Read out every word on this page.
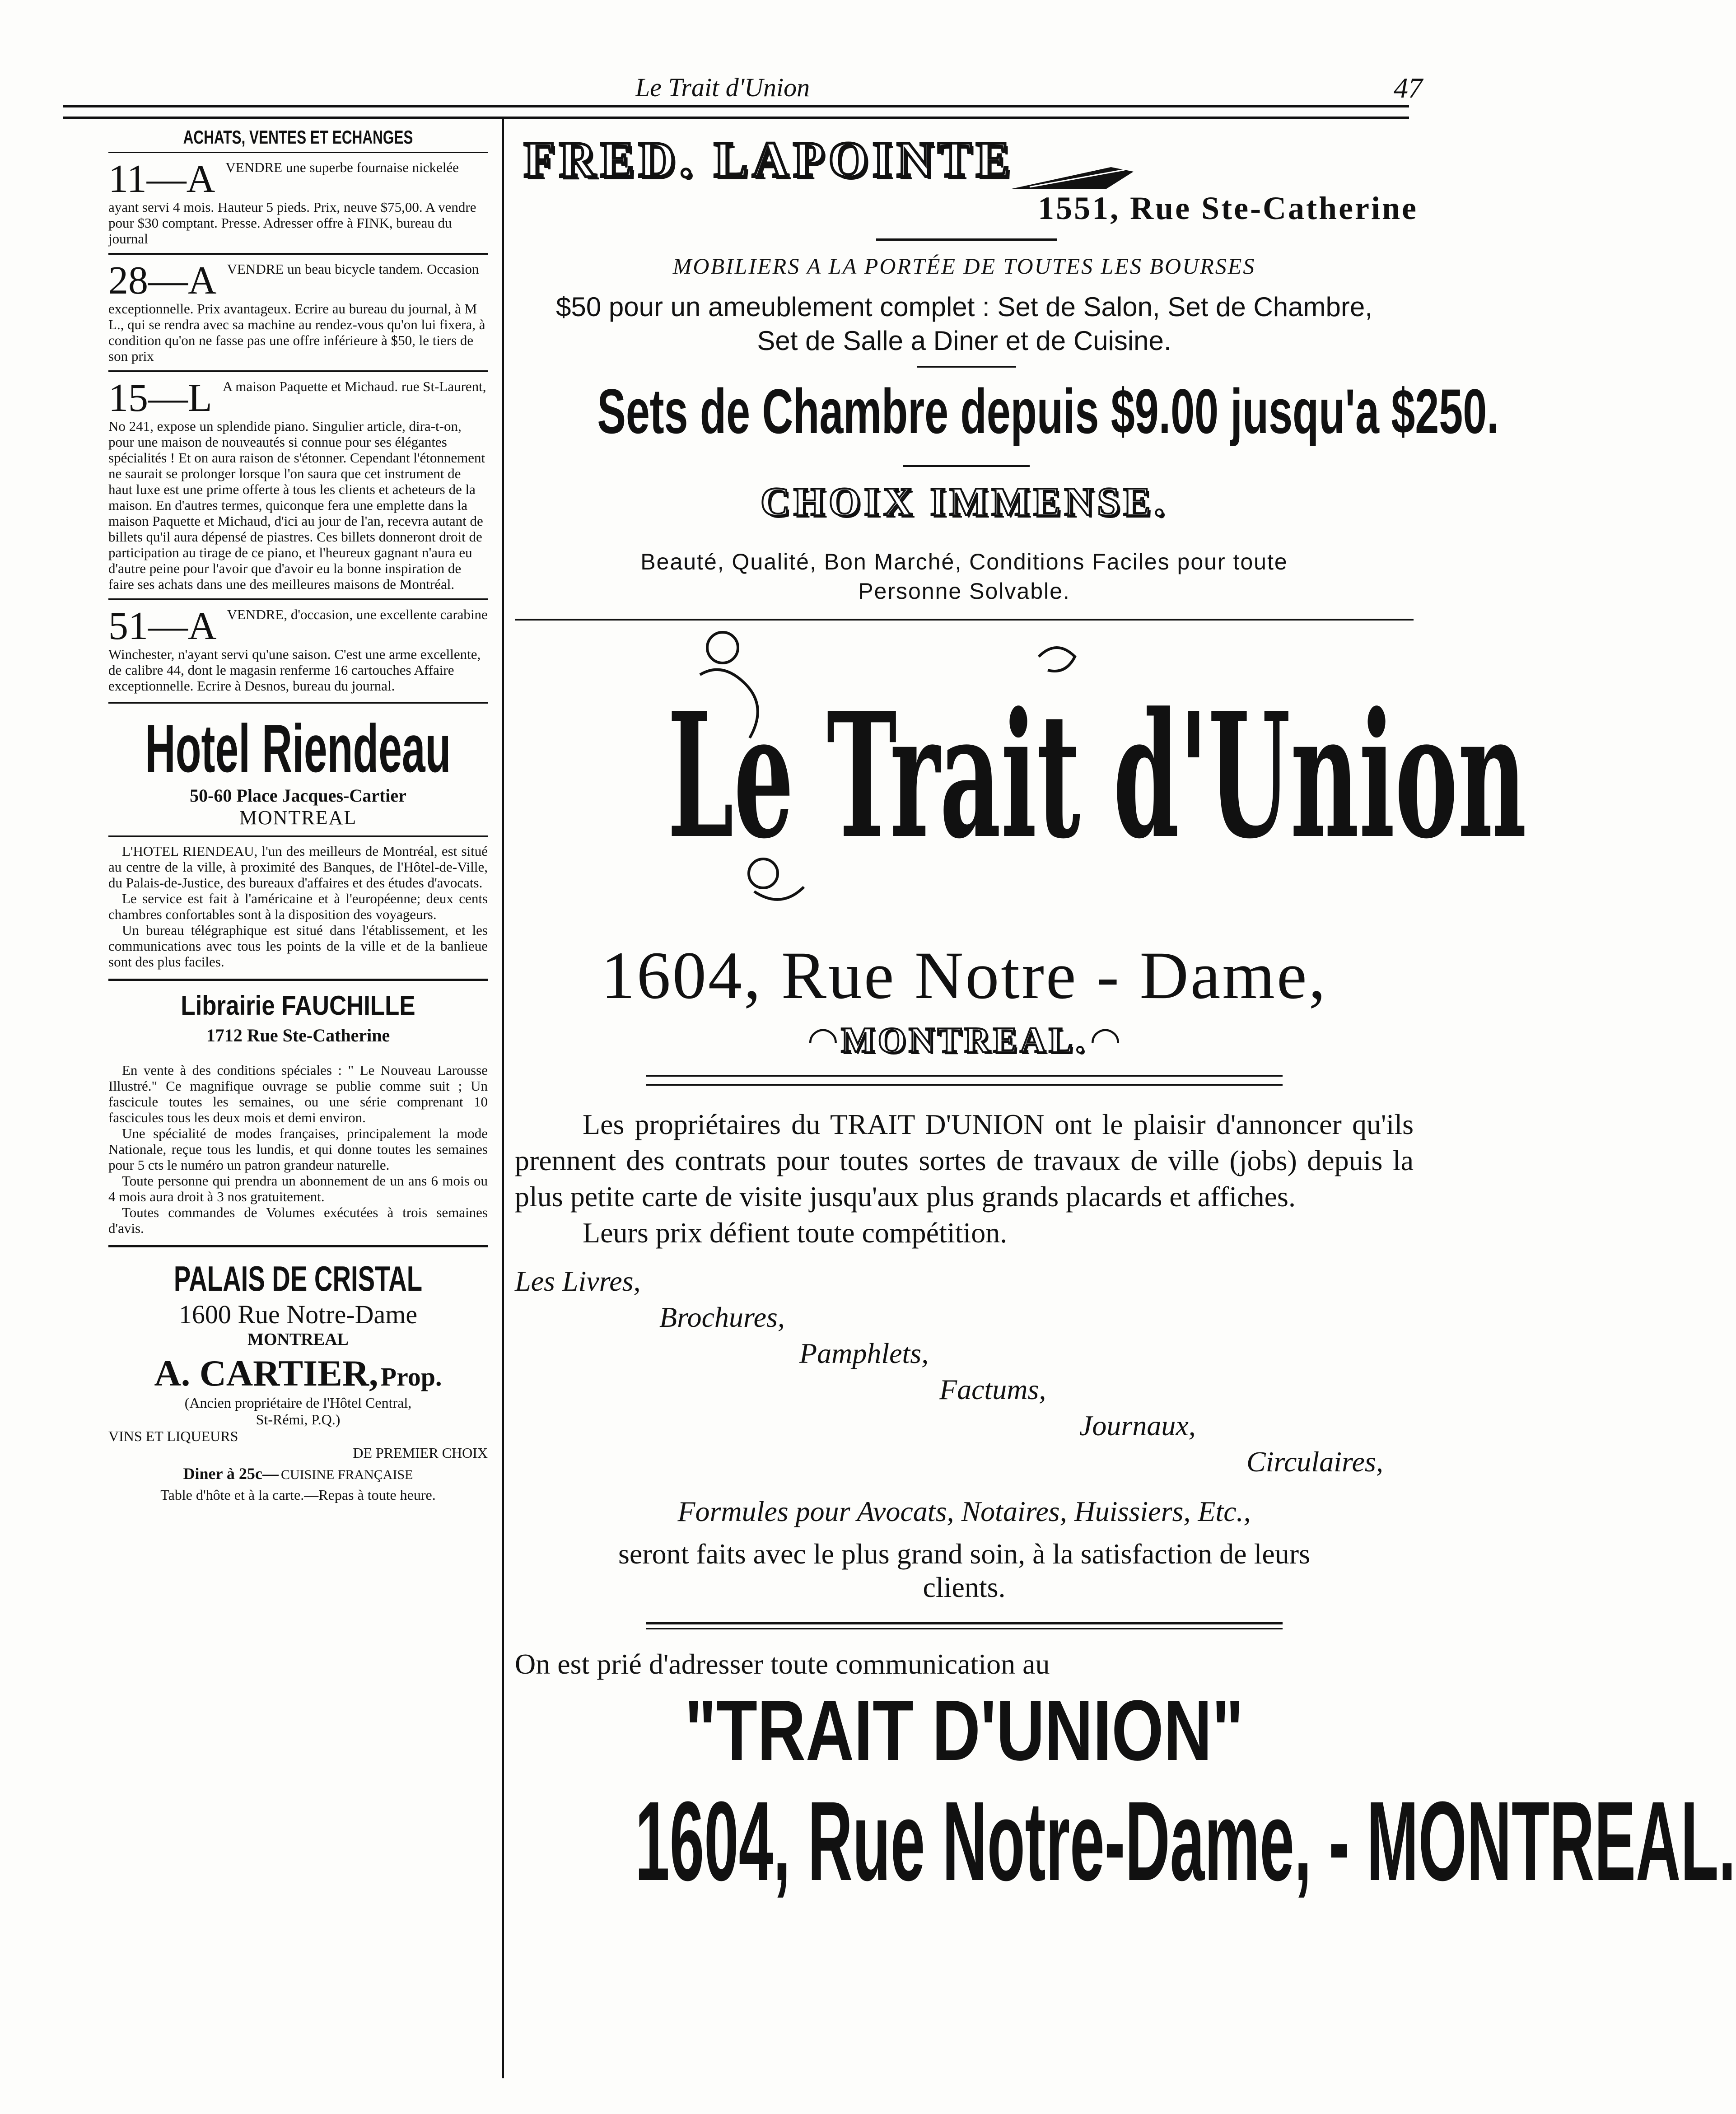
Le Trait d'Union	47
ACHATS, VENTES ET ECHANGES
11—A VENDRE une superbe fournaise nickelée ayant servi 4 mois. Hauteur 5 pieds. Prix, neuve $75,00. A vendre pour $30 comptant. Presse. Adresser offre à FINK, bureau du journal
28—A VENDRE un beau bicycle tandem. Occasion exceptionnelle. Prix avantageux. Ecrire au bureau du journal, à M L., qui se rendra avec sa machine au rendez-vous qu'on lui fixera, à condition qu'on ne fasse pas une offre inférieure à $50, le tiers de son prix
15—L A maison Paquette et Michaud. rue St-Laurent, No 241, expose un splendide piano. Singulier article, dira-t-on, pour une maison de nouveautés si connue pour ses élégantes spécialités ! Et on aura raison de s'étonner. Cependant l'étonnement ne saurait se prolonger lorsque l'on saura que cet instrument de haut luxe est une prime offerte à tous les clients et acheteurs de la maison. En d'autres termes, quiconque fera une emplette dans la maison Paquette et Michaud, d'ici au jour de l'an, recevra autant de billets qu'il aura dépensé de piastres. Ces billets donneront droit de participation au tirage de ce piano, et l'heureux gagnant n'aura eu d'autre peine pour l'avoir que d'avoir eu la bonne inspiration de faire ses achats dans une des meilleures maisons de Montréal.
51—A VENDRE, d'occasion, une excellente carabine Winchester, n'ayant servi qu'une saison. C'est une arme excellente, de calibre 44, dont le magasin renferme 16 cartouches Affaire exceptionnelle. Ecrire à Desnos, bureau du journal.
Hotel Riendeau
50-60 Place Jacques-Cartier
MONTREAL
L'HOTEL RIENDEAU, l'un des meilleurs de Montréal, est situé au centre de la ville, à proximité des Banques, de l'Hôtel-de-Ville, du Palais-de-Justice, des bureaux d'affaires et des études d'avocats.
Le service est fait à l'américaine et à l'européenne; deux cents chambres confortables sont à la disposition des voyageurs.
Un bureau télégraphique est situé dans l'établissement, et les communications avec tous les points de la ville et de la banlieue sont des plus faciles.
Librairie FAUCHILLE
1712 Rue Ste-Catherine
En vente à des conditions spéciales : " Le Nouveau Larousse Illustré." Ce magnifique ouvrage se publie comme suit ; Un fascicule toutes les semaines, ou une série comprenant 10 fascicules tous les deux mois et demi environ.
Une spécialité de modes françaises, principalement la mode Nationale, reçue tous les lundis, et qui donne toutes les semaines pour 5 cts le numéro un patron grandeur naturelle.
Toute personne qui prendra un abonnement de un ans 6 mois ou 4 mois aura droit à 3 nos gratuitement.
Toutes commandes de Volumes exécutées à trois semaines d'avis.
PALAIS DE CRISTAL
1600 Rue Notre-Dame
MONTREAL
A. CARTIER, Prop.
(Ancien propriétaire de l'Hôtel Central,
St-Rémi, P.Q.)
VINS ET LIQUEURS
DE PREMIER CHOIX
Diner à 25c— CUISINE FRANÇAISE
Table d'hôte et à la carte.—Repas à toute heure.
FRED. LAPOINTE
1551, Rue Ste-Catherine
MOBILIERS A LA PORTÉE DE TOUTES LES BOURSES
$50 pour un ameublement complet : Set de Salon, Set de Chambre,
Set de Salle a Diner et de Cuisine.
Sets de Chambre depuis $9.00 jusqu'a $250.
CHOIX IMMENSE.
Beauté, Qualité, Bon Marché, Conditions Faciles pour toute
Personne Solvable.
Le Trait d'Union
1604, Rue Notre - Dame,
◠ MONTREAL. ◠
Les propriétaires du TRAIT D'UNION ont le plaisir d'annoncer qu'ils prennent des contrats pour toutes sortes de travaux de ville (jobs) depuis la plus petite carte de visite jusqu'aux plus grands placards et affiches.
Leurs prix défient toute compétition.
Les Livres,
Brochures,
Pamphlets,
Factums,
Journaux,
Circulaires,
Formules pour Avocats, Notaires, Huissiers, Etc.,
seront faits avec le plus grand soin, à la satisfaction de leurs
clients.
On est prié d'adresser toute communication au
"TRAIT D'UNION"
1604, Rue Notre-Dame, - MONTREAL.
